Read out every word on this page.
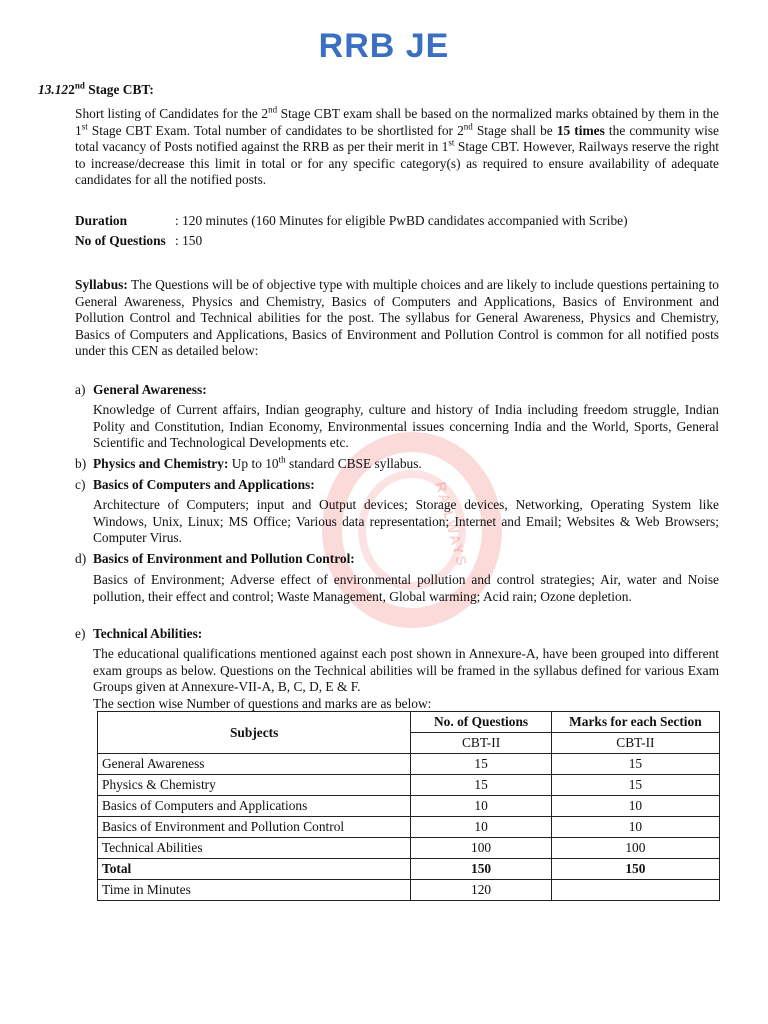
RAILWAYS
RRB JE
13.122nd Stage CBT:
Short listing of Candidates for the 2nd Stage CBT exam shall be based on the normalized marks obtained by them in the 1st Stage CBT Exam. Total number of candidates to be shortlisted for 2nd Stage shall be 15 times the community wise total vacancy of Posts notified against the RRB as per their merit in 1st Stage CBT. However, Railways reserve the right to increase/decrease this limit in total or for any specific category(s) as required to ensure availability of adequate candidates for all the notified posts.
Duration	: 120 minutes (160 Minutes for eligible PwBD candidates accompanied with Scribe)
No of Questions : 150
Syllabus: The Questions will be of objective type with multiple choices and are likely to include questions pertaining to General Awareness, Physics and Chemistry, Basics of Computers and Applications, Basics of Environment and Pollution Control and Technical abilities for the post. The syllabus for General Awareness, Physics and Chemistry, Basics of Computers and Applications, Basics of Environment and Pollution Control is common for all notified posts under this CEN as detailed below:
a) General Awareness:
Knowledge of Current affairs, Indian geography, culture and history of India including freedom struggle, Indian Polity and Constitution, Indian Economy, Environmental issues concerning India and the World, Sports, General Scientific and Technological Developments etc.
b) Physics and Chemistry: Up to 10th standard CBSE syllabus.
c) Basics of Computers and Applications:
Architecture of Computers; input and Output devices; Storage devices, Networking, Operating System like Windows, Unix, Linux; MS Office; Various data representation; Internet and Email; Websites & Web Browsers; Computer Virus.
d) Basics of Environment and Pollution Control:
Basics of Environment; Adverse effect of environmental pollution and control strategies; Air, water and Noise pollution, their effect and control; Waste Management, Global warming; Acid rain; Ozone depletion.
e) Technical Abilities:
The educational qualifications mentioned against each post shown in Annexure-A, have been grouped into different exam groups as below. Questions on the Technical abilities will be framed in the syllabus defined for various Exam Groups given at Annexure-VII-A, B, C, D, E & F.
The section wise Number of questions and marks are as below:
Subjects	No. of Questions	Marks for each Section
	CBT-II	CBT-II
General Awareness	15	15
Physics & Chemistry	15	15
Basics of Computers and Applications	10	10
Basics of Environment and Pollution Control	10	10
Technical Abilities	100	100
Total	150	150
Time in Minutes	120	
